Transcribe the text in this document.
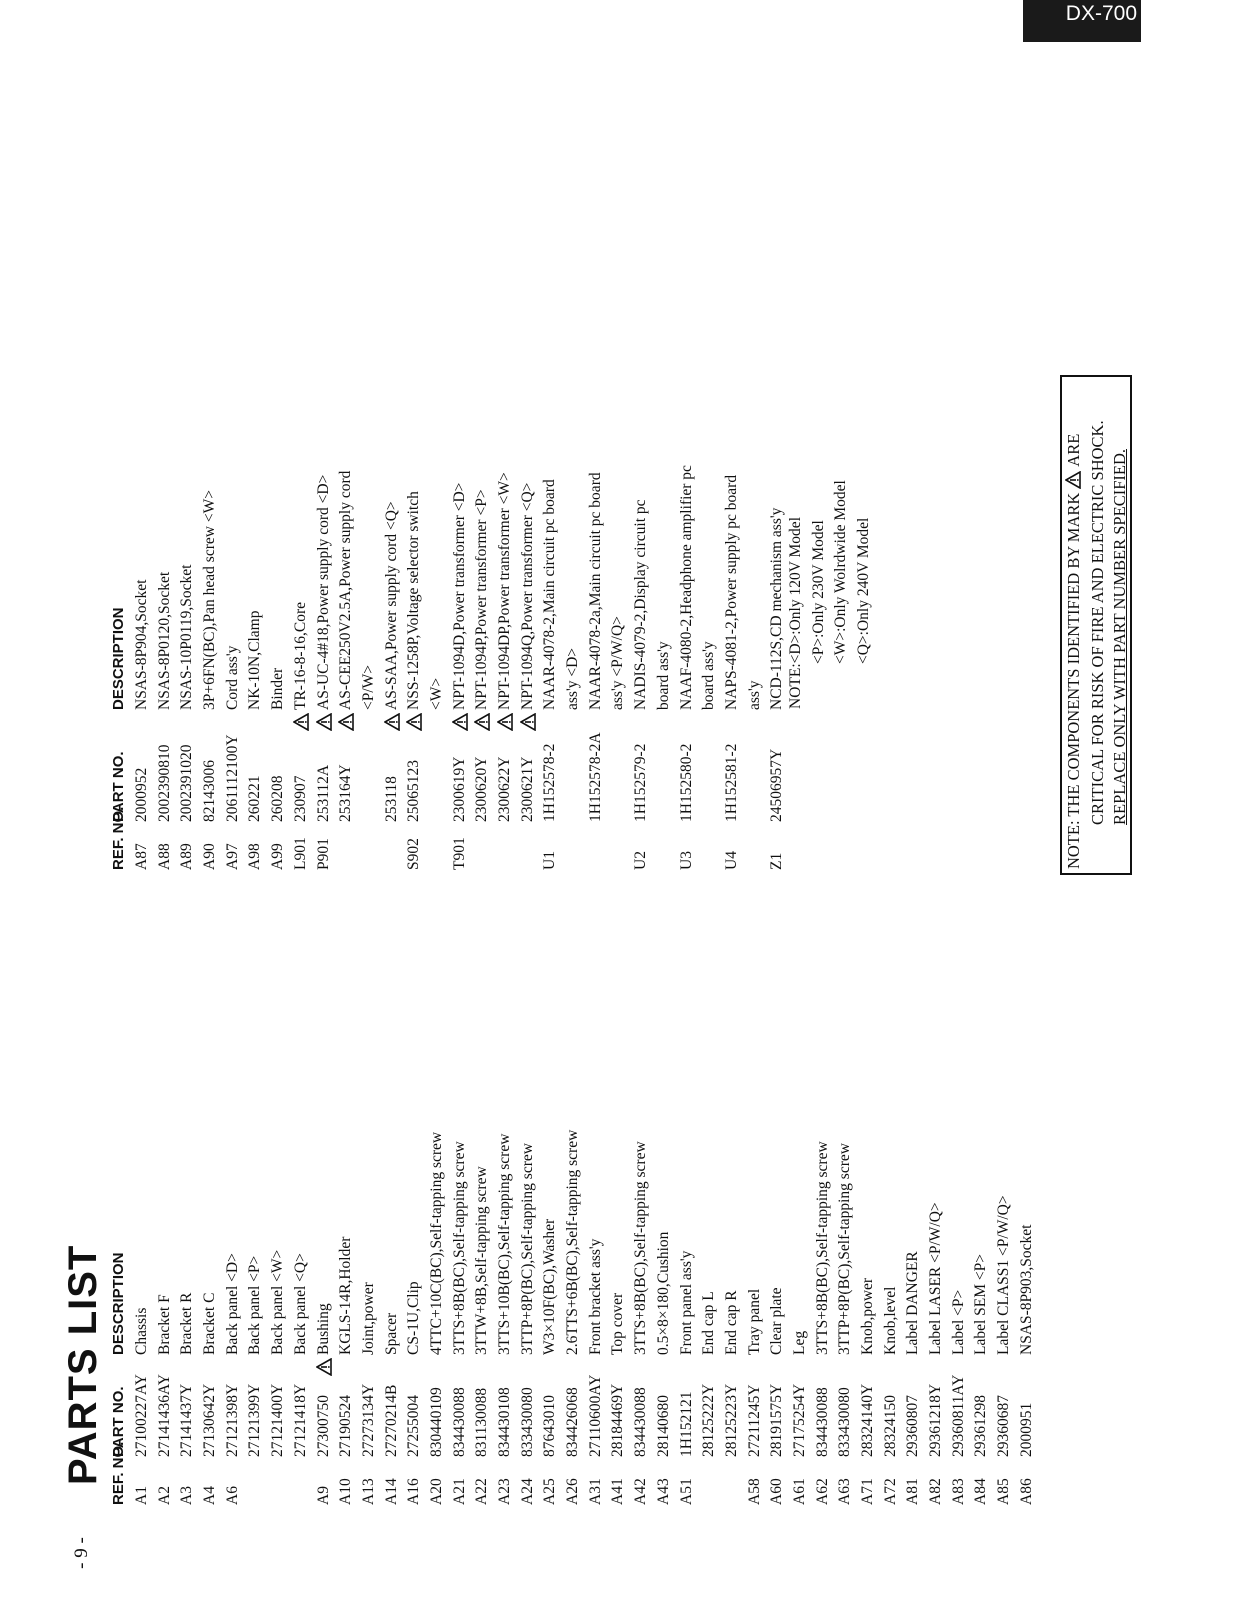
DX-700
- 9 -
PARTS LIST REF. NO.
PART NO.
DESCRIPTION
A1
27100227AY
Chassis
A2
27141436AY
Bracket F
A3
27141437Y
Bracket R
A4
27130642Y
Bracket C
A6
27121398Y
Back panel <D>
27121399Y
Back panel <P>
27121400Y
Back panel <W>
27121418Y
Back panel <Q>
A9
27300750
Bushing
A10
27190524
KGLS-14R,Holder
A13
27273134Y
Joint,power
A14
27270214B
Spacer
A16
27255004
CS-1U,Clip
A20
830440109
4TTC+10C(BC),Self-tapping screw
A21
834430088
3TTS+8B(BC),Self-tapping screw
A22
831130088
3TTW+8B,Self-tapping screw
A23
834430108
3TTS+10B(BC),Self-tapping screw
A24
833430080
3TTP+8P(BC),Self-tapping screw
A25
87643010
W3×10F(BC),Washer
A26
834426068
2.6TTS+6B(BC),Self-tapping screw
A31
27110600AY
Front bracket ass'y
A41
28184469Y
Top cover
A42
834430088
3TTS+8B(BC),Self-tapping screw
A43
28140680
0.5×8×180,Cushion
A51
1H152121
Front panel ass'y
28125222Y
End cap L
28125223Y
End cap R
A58
27211245Y
Tray panel
A60
28191575Y
Clear plate
A61
27175254Y
Leg
A62
834430088
3TTS+8B(BC),Self-tapping screw
A63
833430080
3TTP+8P(BC),Self-tapping screw
A71
28324140Y
Knob,power
A72
28324150
Knob,level
A81
29360807
Label DANGER
A82
29361218Y
Label LASER <P/W/Q>
A83
29360811AY
Label <P>
A84
29361298
Label SEM <P>
A85
29360687
Label CLASS1 <P/W/Q>
A86
2000951
NSAS-8P903,Socket
REF. NO.
PART NO.
DESCRIPTION
A87
2000952
NSAS-8P904,Socket
A88
2002390810
NSAS-8P0120,Socket
A89
2002391020
NSAS-10P0119,Socket
A90
82143006
3P+6FN(BC),Pan head screw <W>
A97
2061112100Y
Cord ass'y
A98
260221
NK-10N,Clamp
A99
260208
Binder
L901
230907
TR-16-8-16,Core
P901
253112A
AS-UC-4#18,Power supply cord <D>
253164Y
AS-CEE250V2.5A,Power supply cord <P/W>
253118
AS-SAA,Power supply cord <Q>
S902
25065123
NSS-1258P,Voltage selector switch <W>
T901
2300619Y
NPT-1094D,Power transformer <D>
2300620Y
NPT-1094P,Power transformer <P>
2300622Y
NPT-1094DP,Power transformer <W>
2300621Y
NPT-1094Q,Power transformer <Q>
U1
1H152578-2
NAAR-4078-2,Main circuit pc board ass'y <D>
1H152578-2A
NAAR-4078-2a,Main circuit pc board ass'y <P/W/Q>
U2
1H152579-2
NADIS-4079-2,Display circuit pc board ass'y
U3
1H152580-2
NAAF-4080-2,Headphone amplifier pc board ass'y
U4
1H152581-2
NAPS-4081-2,Power supply pc board ass'y
Z1
24506957Y
NCD-112S,CD mechanism ass'y NOTE:<D>:Only 120V Model <P>:Only 230V Model <W>:Only Wolrdwide Model <Q>:Only 240V Model	NOTE: THE COMPONENTS IDENTIFIED BY MARKARE CRITICAL FOR RISK OF FIRE AND ELECTRIC SHOCK. REPLACE ONLY WITH PART NUMBER SPECIFIED.
